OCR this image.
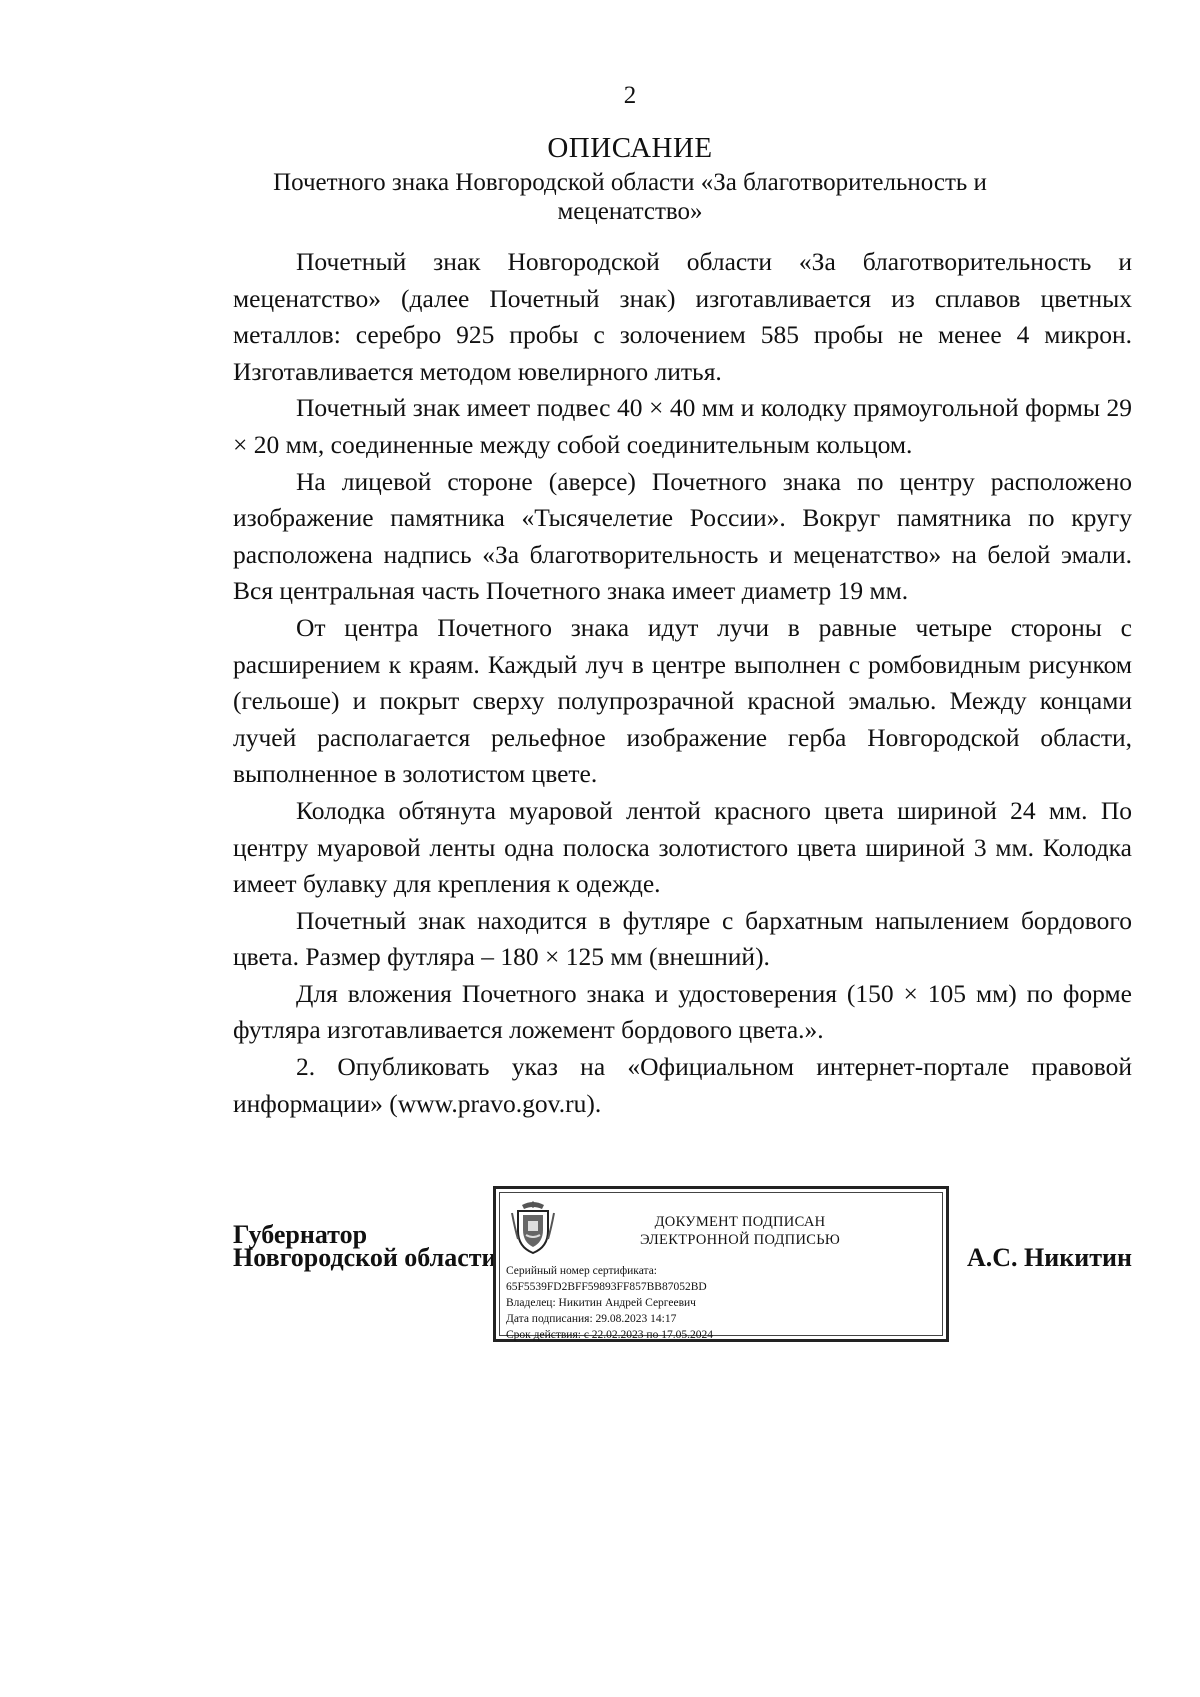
2
ОПИСАНИЕ
Почетного знака Новгородской области «За благотворительность и
меценатство»

Почетный знак Новгородской области «За благотворительность и меценатство» (далее Почетный знак) изготавливается из сплавов цветных металлов: серебро 925 пробы с золочением 585 пробы не менее 4 микрон. Изготавливается методом ювелирного литья.

Почетный знак имеет подвес 40 × 40 мм и колодку прямоугольной формы 29 × 20 мм, соединенные между собой соединительным кольцом.

На лицевой стороне (аверсе) Почетного знака по центру расположено изображение памятника «Тысячелетие России». Вокруг памятника по кругу расположена надпись «За благотворительность и меценатство» на белой эмали. Вся центральная часть Почетного знака имеет диаметр 19 мм.

От центра Почетного знака идут лучи в равные четыре стороны с расширением к краям. Каждый луч в центре выполнен с ромбовидным рисунком (гельоше) и покрыт сверху полупрозрачной красной эмалью. Между концами лучей располагается рельефное изображение герба Новгородской области, выполненное в золотистом цвете.

Колодка обтянута муаровой лентой красного цвета шириной 24 мм. По центру муаровой ленты одна полоска золотистого цвета шириной 3 мм. Колодка имеет булавку для крепления к одежде.

Почетный знак находится в футляре с бархатным напылением бордового цвета. Размер футляра – 180 × 125 мм (внешний).

Для вложения Почетного знака и удостоверения (150 × 105 мм) по форме футляра изготавливается ложемент бордового цвета.».

2. Опубликовать указ на «Официальном интернет-портале правовой информации» (www.pravo.gov.ru).

Губернатор
Новгородской области
ДОКУМЕНТ ПОДПИСАН
ЭЛЕКТРОННОЙ ПОДПИСЬЮ
Серийный номер сертификата:
65F5539FD2BFF59893FF857BB87052BD
Владелец: Никитин Андрей Сергеевич
Дата подписания: 29.08.2023 14:17
Срок действия: с 22.02.2023 по 17.05.2024
А.С. Никитин
